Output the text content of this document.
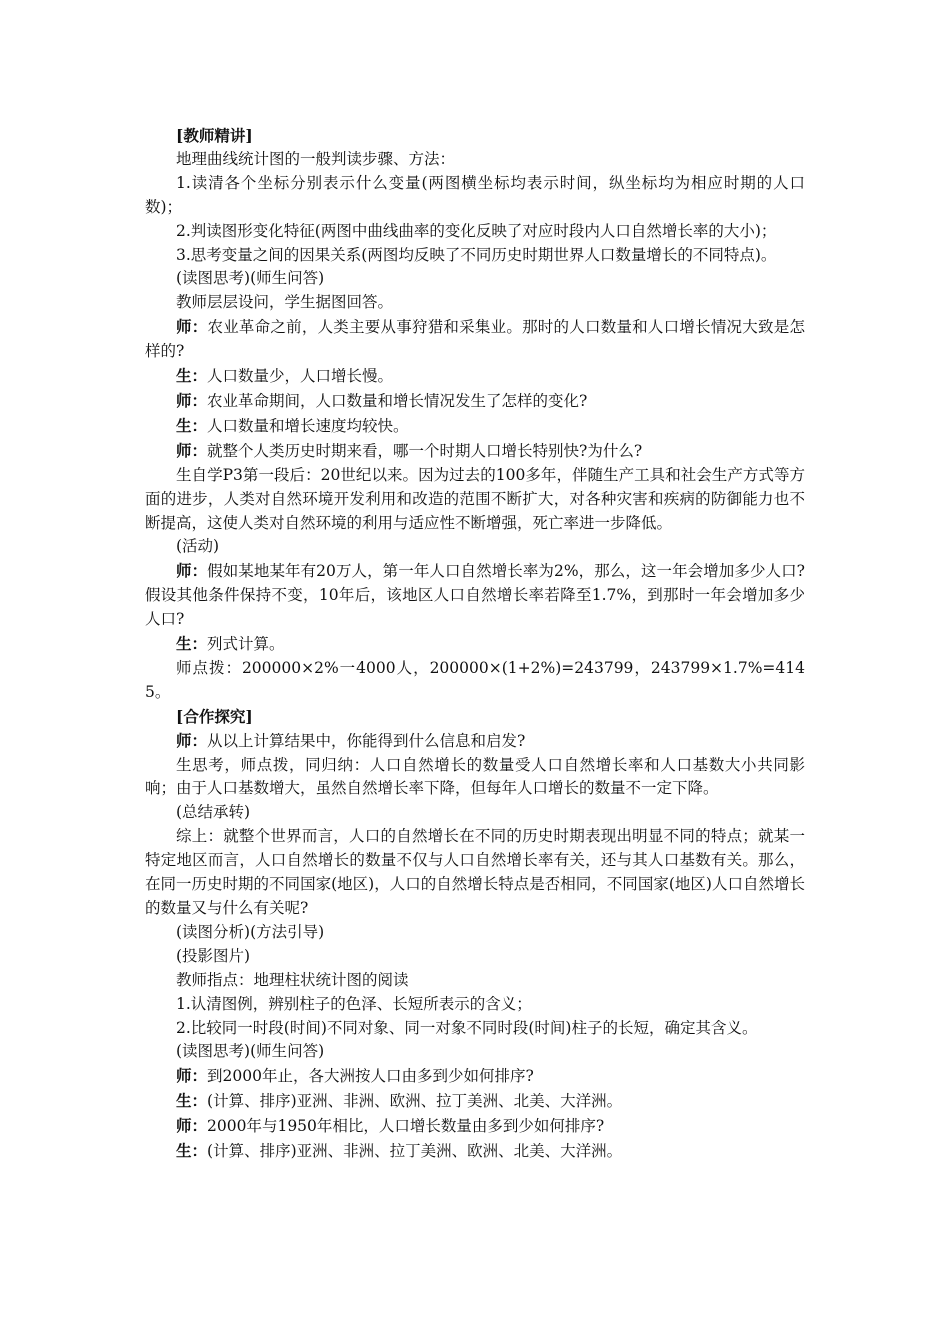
[教师精讲]

地理曲线统计图的一般判读步骤、方法：

1.读清各个坐标分别表示什么变量(两图横坐标均表示时间，纵坐标均为相应时期的人口数)；

2.判读图形变化特征(两图中曲线曲率的变化反映了对应时段内人口自然增长率的大小)；

3.思考变量之间的因果关系(两图均反映了不同历史时期世界人口数量增长的不同特点)。

(读图思考)(师生问答)

教师层层设问，学生据图回答。

师：农业革命之前，人类主要从事狩猎和采集业。那时的人口数量和人口增长情况大致是怎样的?

生：人口数量少，人口增长慢。

师：农业革命期间，人口数量和增长情况发生了怎样的变化?

生：人口数量和增长速度均较快。

师：就整个人类历史时期来看，哪一个时期人口增长特别快?为什么?

生自学P3第一段后：20世纪以来。因为过去的100多年，伴随生产工具和社会生产方式等方面的进步，人类对自然环境开发利用和改造的范围不断扩大，对各种灾害和疾病的防御能力也不断提高，这使人类对自然环境的利用与适应性不断增强，死亡率进一步降低。

(活动)

师：假如某地某年有20万人，第一年人口自然增长率为2%，那么，这一年会增加多少人口?假设其他条件保持不变，10年后，该地区人口自然增长率若降至1.7%，到那时一年会增加多少人口?

生：列式计算。

师点拨：200000×2%一4000人，200000×(1+2%)=243799，243799×1.7%=4145。

[合作探究]

师：从以上计算结果中，你能得到什么信息和启发?

生思考，师点拨，同归纳：人口自然增长的数量受人口自然增长率和人口基数大小共同影响；由于人口基数增大，虽然自然增长率下降，但每年人口增长的数量不一定下降。

(总结承转)

综上：就整个世界而言，人口的自然增长在不同的历史时期表现出明显不同的特点；就某一特定地区而言，人口自然增长的数量不仅与人口自然增长率有关，还与其人口基数有关。那么，在同一历史时期的不同国家(地区)，人口的自然增长特点是否相同，不同国家(地区)人口自然增长的数量又与什么有关呢?

(读图分析)(方法引导)

(投影图片)

教师指点：地理柱状统计图的阅读

1.认清图例，辨别柱子的色泽、长短所表示的含义；

2.比较同一时段(时间)不同对象、同一对象不同时段(时间)柱子的长短，确定其含义。

(读图思考)(师生问答)

师：到2000年止，各大洲按人口由多到少如何排序?

生：(计算、排序)亚洲、非洲、欧洲、拉丁美洲、北美、大洋洲。

师：2000年与1950年相比，人口增长数量由多到少如何排序?

生：(计算、排序)亚洲、非洲、拉丁美洲、欧洲、北美、大洋洲。
